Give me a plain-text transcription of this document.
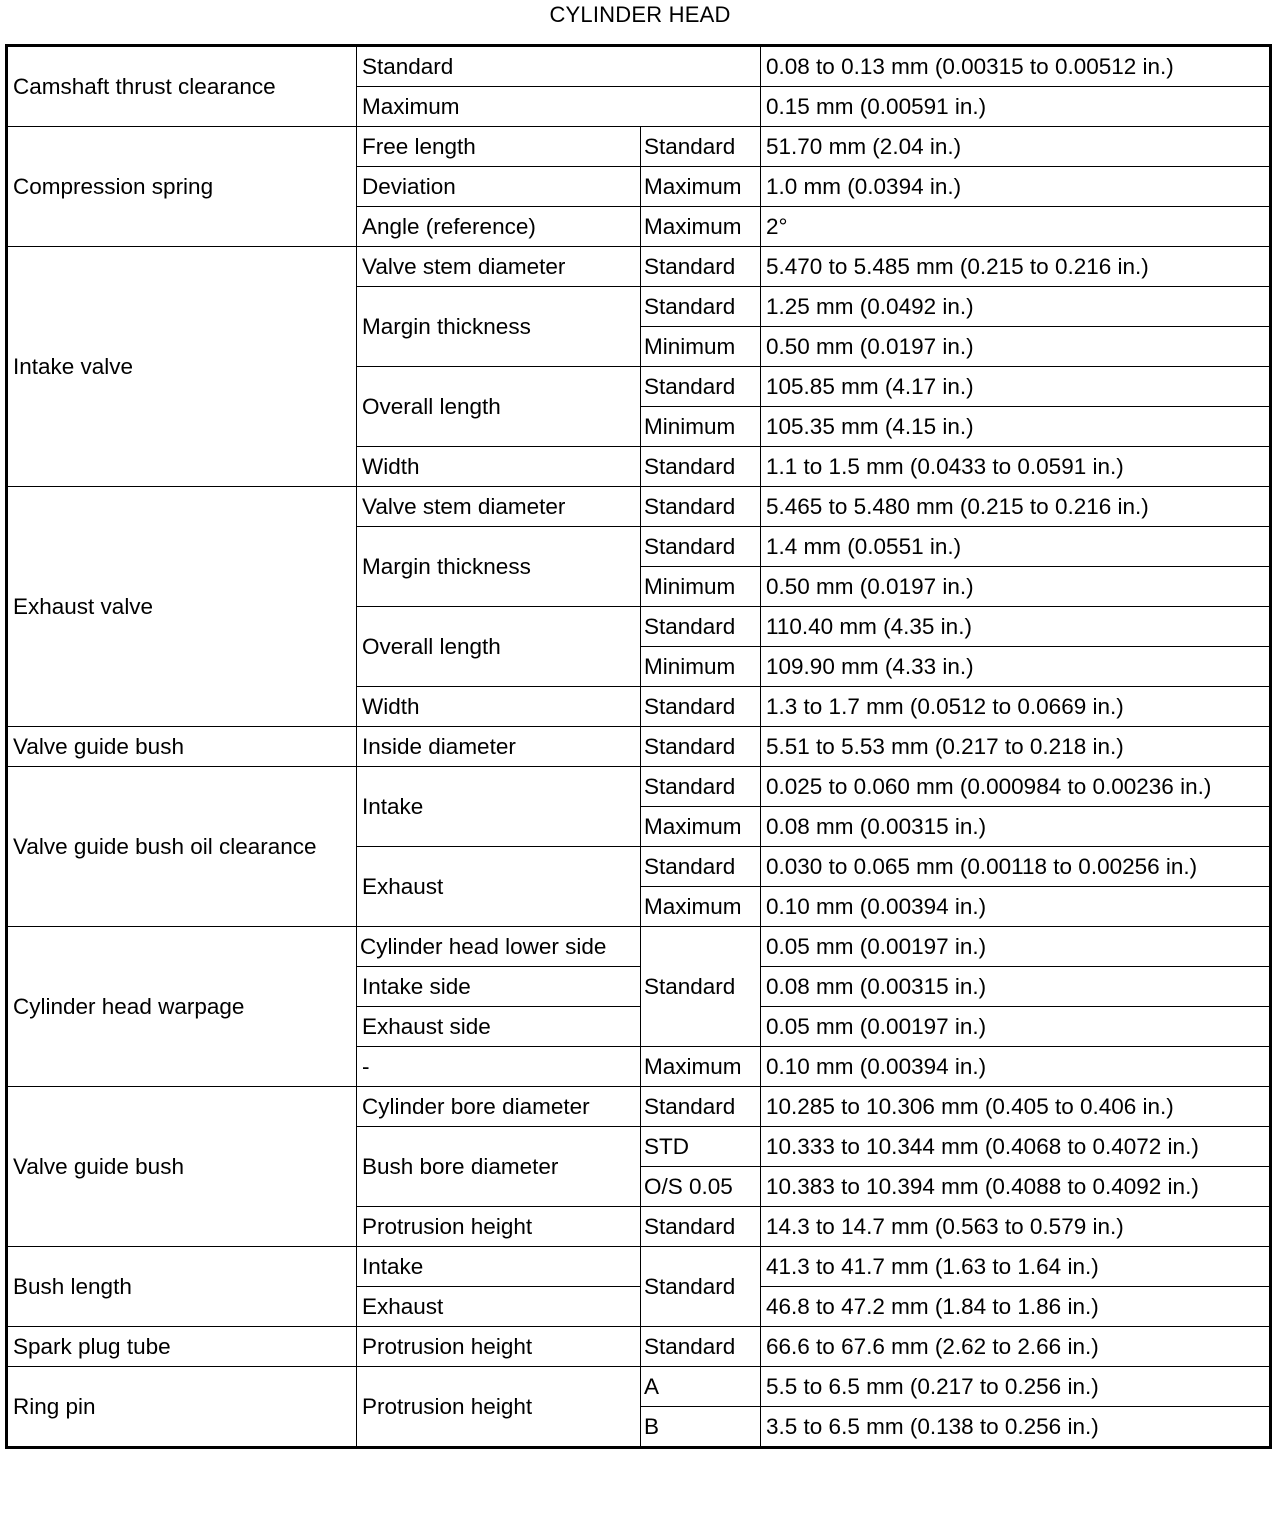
CYLINDER HEAD
Camshaft thrust clearance	Standard		0.08 to 0.13 mm (0.00315 to 0.00512 in.)
	Maximum		0.15 mm (0.00591 in.)
Compression spring	Free length	Standard	51.70 mm (2.04 in.)
	Deviation	Maximum	1.0 mm (0.0394 in.)
	Angle (reference)	Maximum	2°
Intake valve	Valve stem diameter	Standard	5.470 to 5.485 mm (0.215 to 0.216 in.)
	Margin thickness	Standard	1.25 mm (0.0492 in.)
		Minimum	0.50 mm (0.0197 in.)
	Overall length	Standard	105.85 mm (4.17 in.)
		Minimum	105.35 mm (4.15 in.)
	Width	Standard	1.1 to 1.5 mm (0.0433 to 0.0591 in.)
Exhaust valve	Valve stem diameter	Standard	5.465 to 5.480 mm (0.215 to 0.216 in.)
	Margin thickness	Standard	1.4 mm (0.0551 in.)
		Minimum	0.50 mm (0.0197 in.)
	Overall length	Standard	110.40 mm (4.35 in.)
		Minimum	109.90 mm (4.33 in.)
	Width	Standard	1.3 to 1.7 mm (0.0512 to 0.0669 in.)
Valve guide bush	Inside diameter	Standard	5.51 to 5.53 mm (0.217 to 0.218 in.)
Valve guide bush oil clearance	Intake	Standard	0.025 to 0.060 mm (0.000984 to 0.00236 in.)
		Maximum	0.08 mm (0.00315 in.)
	Exhaust	Standard	0.030 to 0.065 mm (0.00118 to 0.00256 in.)
		Maximum	0.10 mm (0.00394 in.)
Cylinder head warpage	Cylinder head lower side	Standard	0.05 mm (0.00197 in.)
	Intake side		0.08 mm (0.00315 in.)
	Exhaust side		0.05 mm (0.00197 in.)
	-	Maximum	0.10 mm (0.00394 in.)
Valve guide bush	Cylinder bore diameter	Standard	10.285 to 10.306 mm (0.405 to 0.406 in.)
	Bush bore diameter	STD	10.333 to 10.344 mm (0.4068 to 0.4072 in.)
		O/S 0.05	10.383 to 10.394 mm (0.4088 to 0.4092 in.)
	Protrusion height	Standard	14.3 to 14.7 mm (0.563 to 0.579 in.)
Bush length	Intake	Standard	41.3 to 41.7 mm (1.63 to 1.64 in.)
	Exhaust		46.8 to 47.2 mm (1.84 to 1.86 in.)
Spark plug tube	Protrusion height	Standard	66.6 to 67.6 mm (2.62 to 2.66 in.)
Ring pin	Protrusion height	A	5.5 to 6.5 mm (0.217 to 0.256 in.)
		B	3.5 to 6.5 mm (0.138 to 0.256 in.)
